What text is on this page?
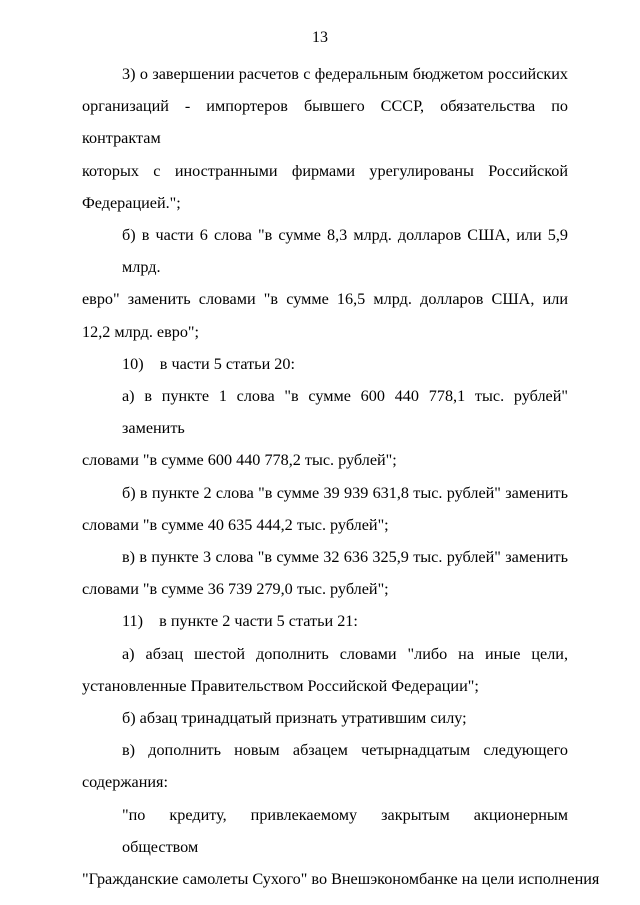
13
3) о завершении расчетов с федеральным бюджетом российских
организаций - импортеров бывшего СССР, обязательства по контрактам
которых с иностранными фирмами урегулированы Российской
Федерацией.";
б) в части 6 слова "в сумме 8,3 млрд. долларов США, или 5,9 млрд.
евро" заменить словами "в сумме 16,5 млрд. долларов США, или
12,2 млрд. евро";
10)    в части 5 статьи 20:
а) в пункте 1 слова "в сумме 600 440 778,1 тыс. рублей" заменить
словами "в сумме 600 440 778,2 тыс. рублей";
б) в пункте 2 слова "в сумме 39 939 631,8 тыс. рублей" заменить
словами "в сумме 40 635 444,2 тыс. рублей";
в) в пункте 3 слова "в сумме 32 636 325,9 тыс. рублей" заменить
словами "в сумме 36 739 279,0 тыс. рублей";
11)    в пункте 2 части 5 статьи 21:
а) абзац шестой дополнить словами "либо на иные цели,
установленные Правительством Российской Федерации";
б) абзац тринадцатый признать утратившим силу;
в) дополнить новым абзацем четырнадцатым следующего
содержания:
"по кредиту, привлекаемому закрытым акционерным обществом
"Гражданские самолеты Сухого" во Внешэкономбанке на цели исполнения
